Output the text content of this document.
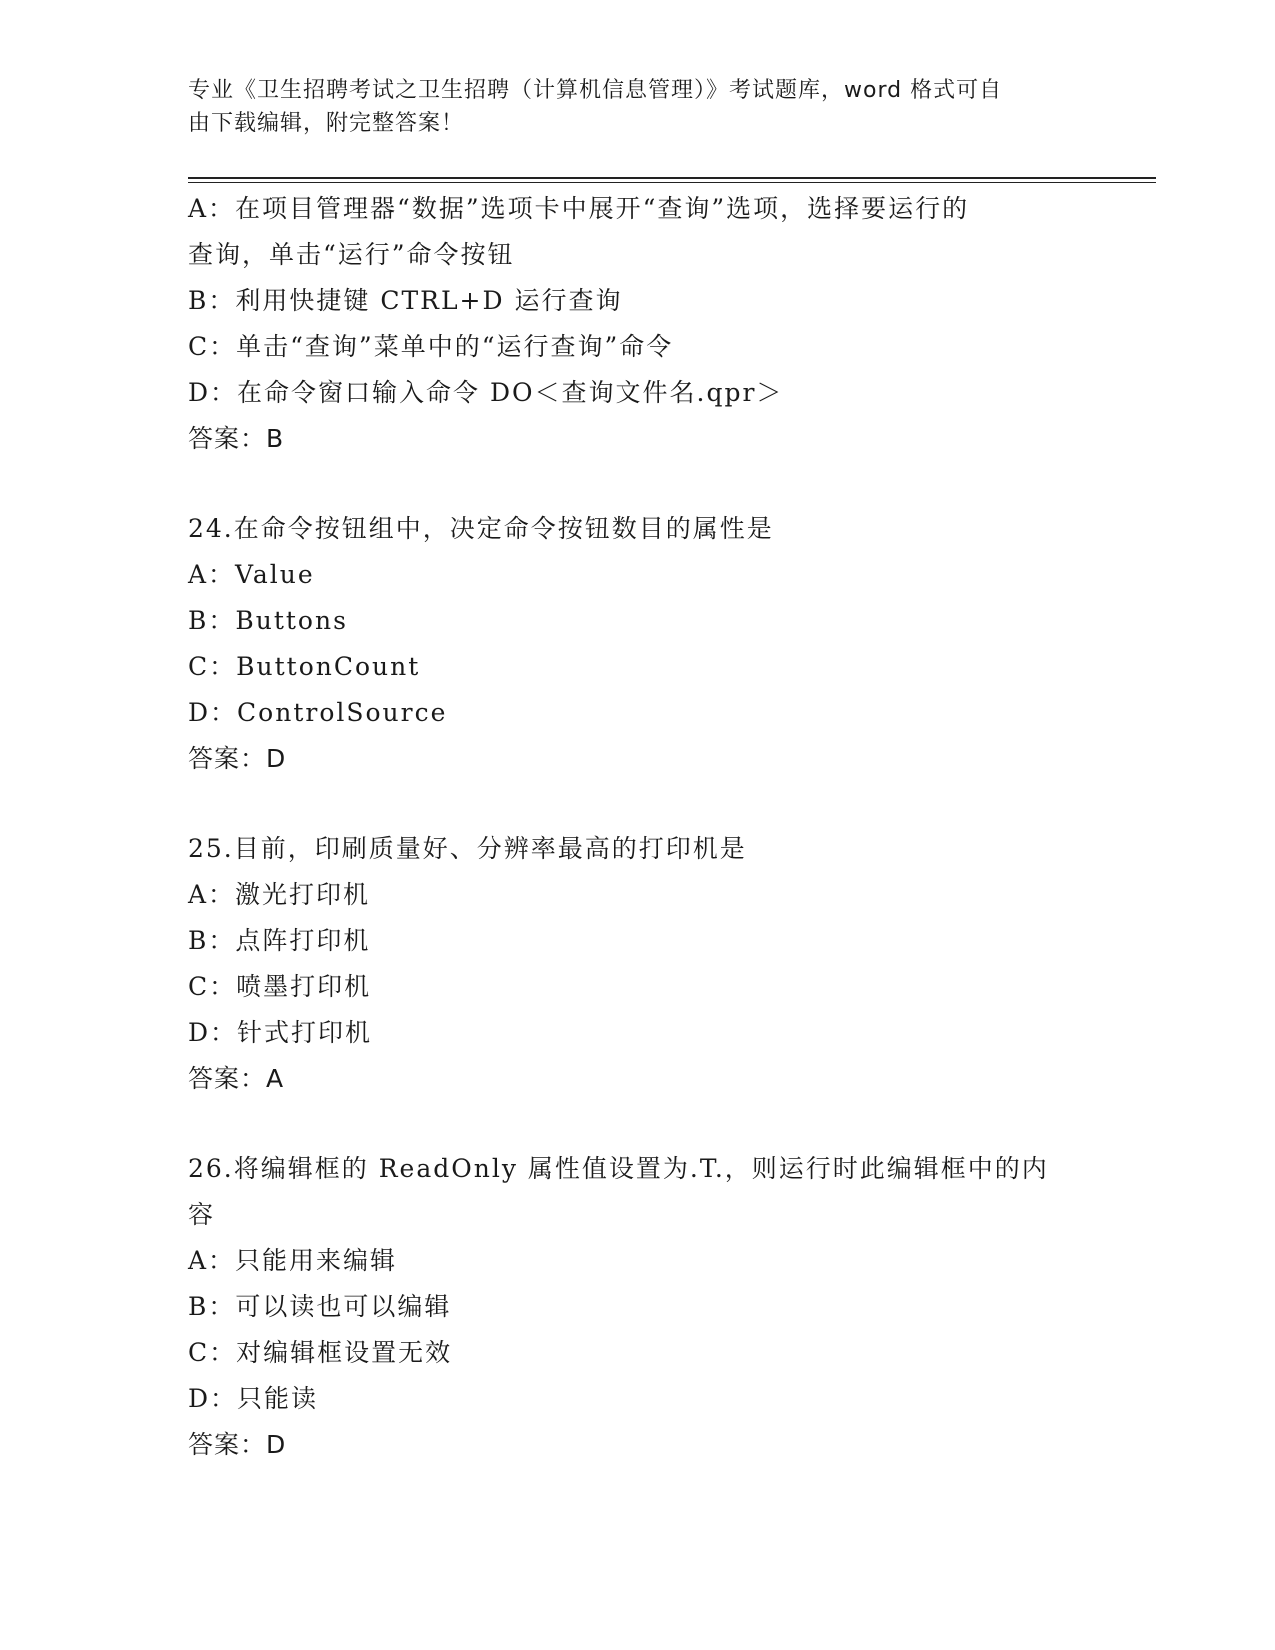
专业《卫生招聘考试之卫生招聘（计算机信息管理）》考试题库，word 格式可自
由下载编辑，附完整答案！

A：在项目管理器“数据”选项卡中展开“查询”选项，选择要运行的

查询，单击“运行”命令按钮

B：利用快捷键 CTRL+D 运行查询

C：单击“查询”菜单中的“运行查询”命令

D：在命令窗口输入命令 DO＜查询文件名.qpr＞

答案：B

24.在命令按钮组中，决定命令按钮数目的属性是

A：Value

B：Buttons

C：ButtonCount

D：ControlSource

答案：D

25.目前，印刷质量好、分辨率最高的打印机是

A：激光打印机

B：点阵打印机

C：喷墨打印机

D：针式打印机

答案：A

26.将编辑框的 ReadOnly 属性值设置为.T.，则运行时此编辑框中的内

容

A：只能用来编辑

B：可以读也可以编辑

C：对编辑框设置无效

D：只能读

答案：D
